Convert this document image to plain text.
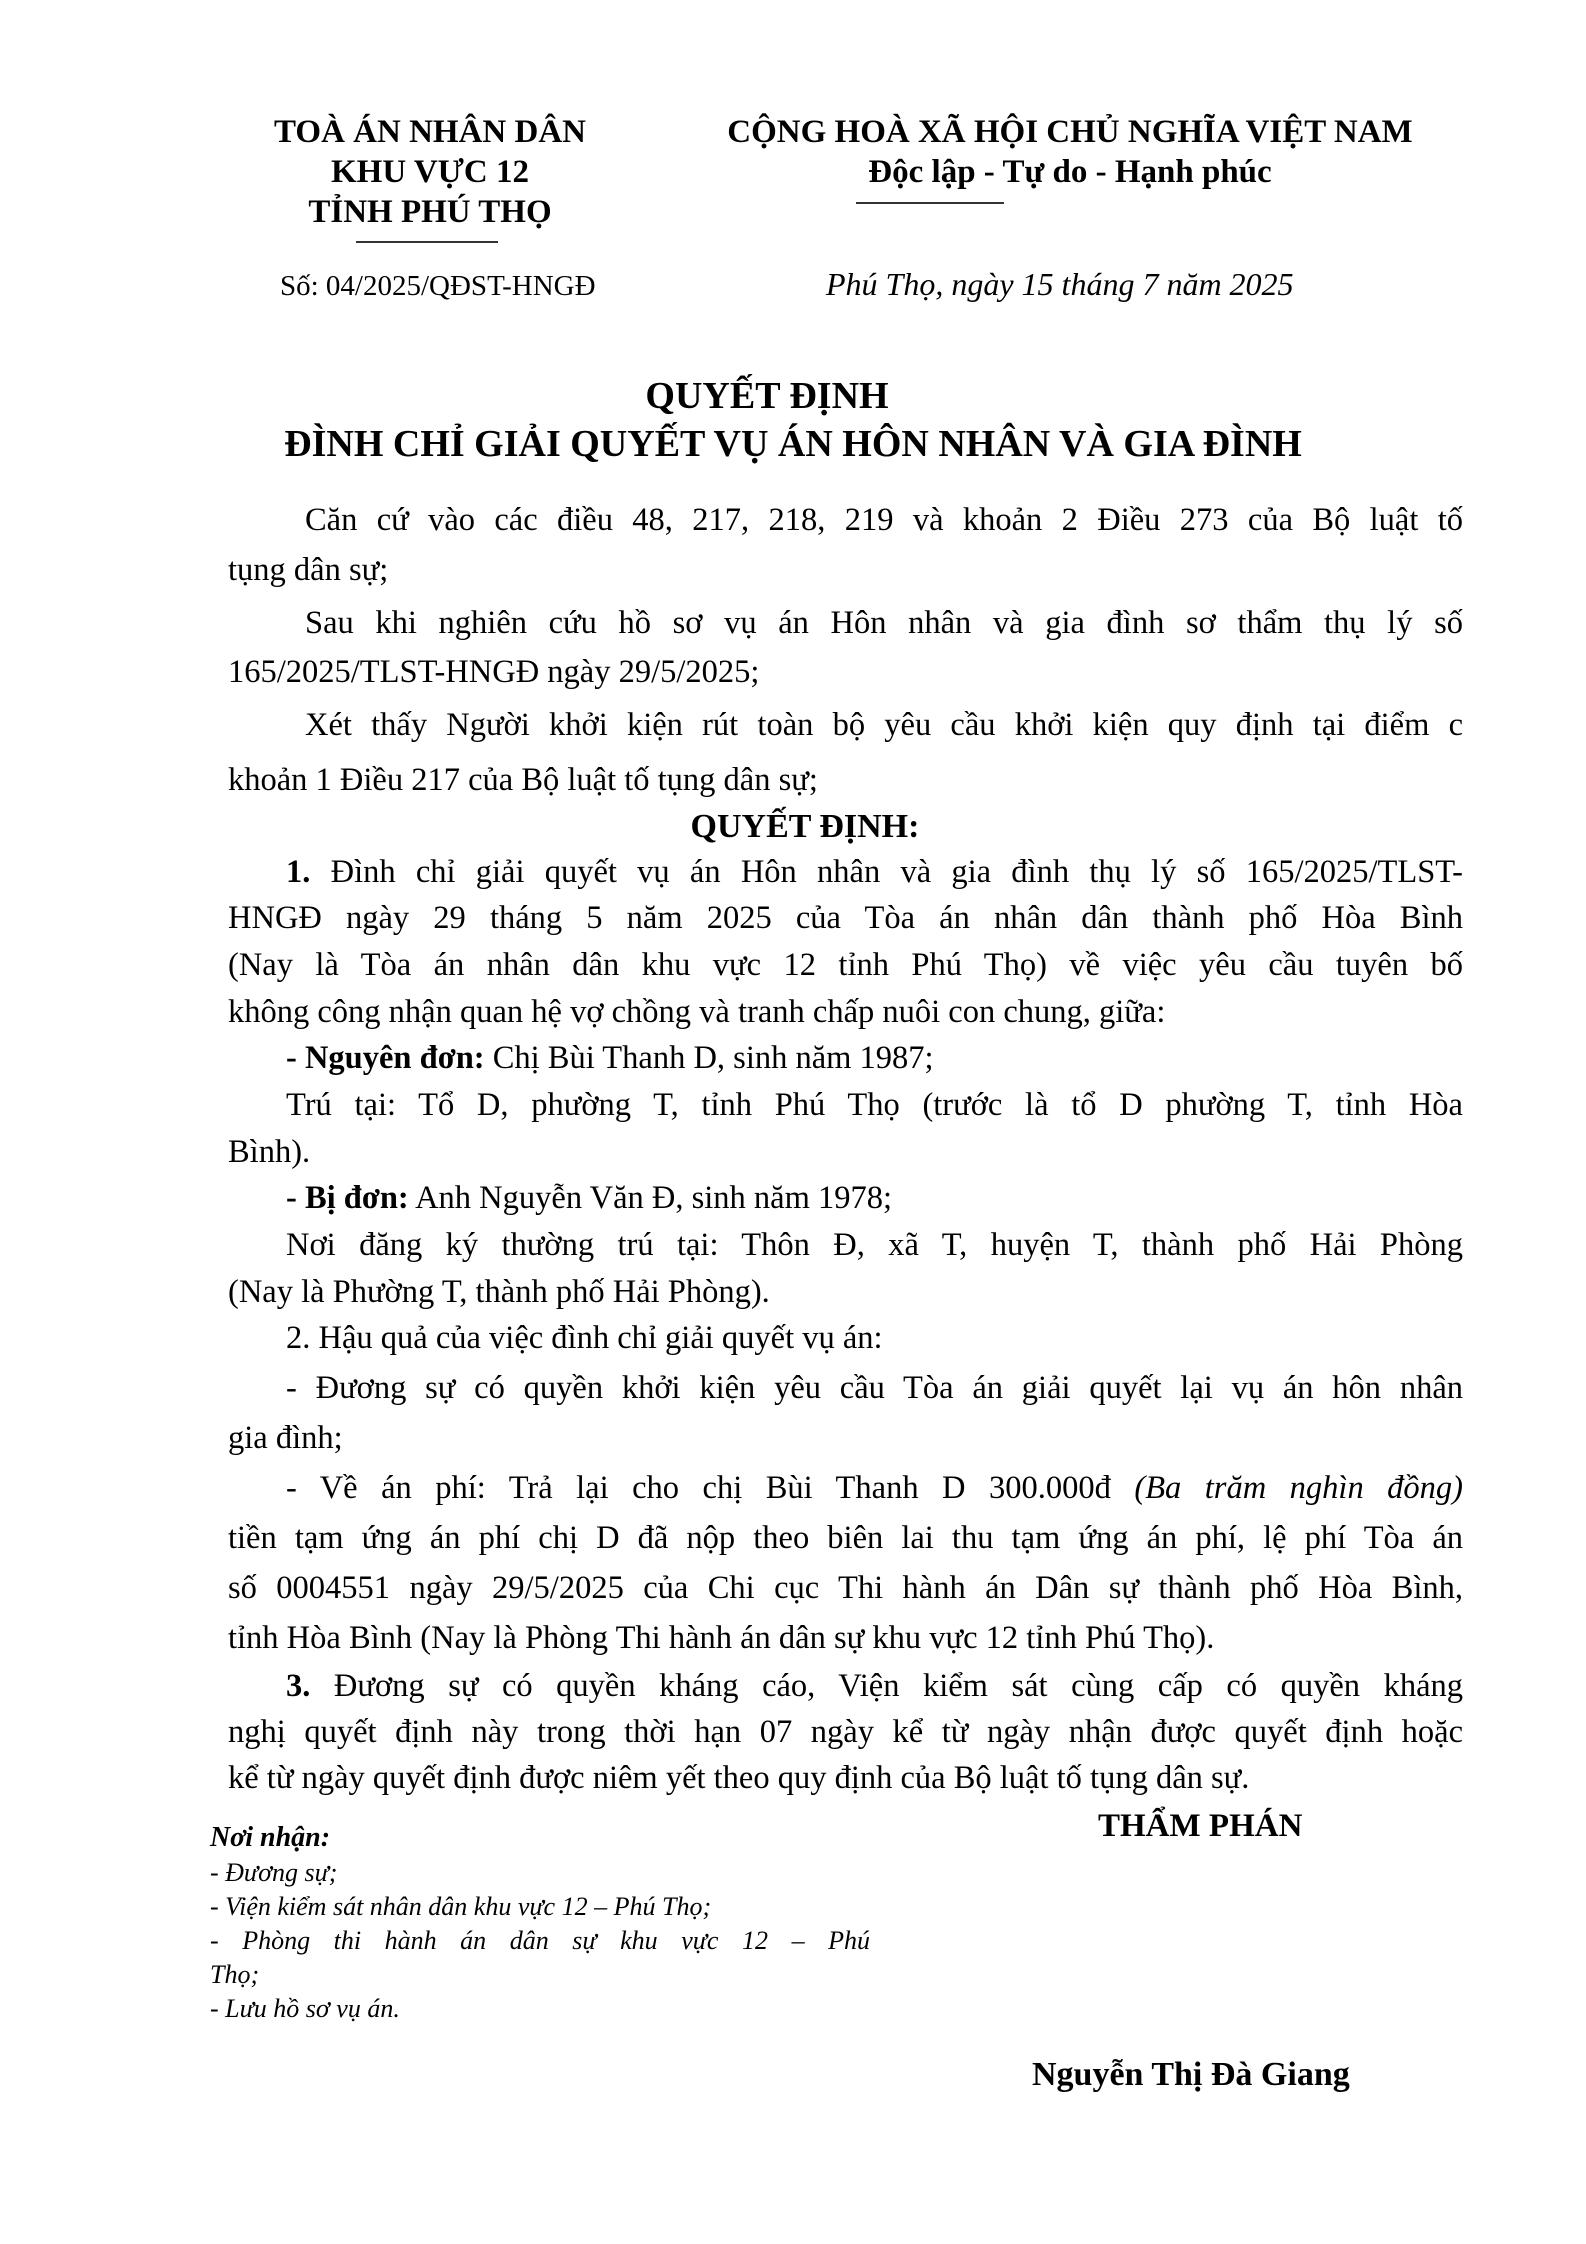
TOÀ ÁN NHÂN DÂN
KHU VỰC 12
TỈNH PHÚ THỌ
Số: 04/2025/QĐST-HNGĐ
CỘNG HOÀ XÃ HỘI CHỦ NGHĨA VIỆT NAM
Độc lập - Tự do - Hạnh phúc
Phú Thọ, ngày 15 tháng 7 năm 2025
QUYẾT ĐỊNH
ĐÌNH CHỈ GIẢI QUYẾT VỤ ÁN HÔN NHÂN VÀ GIA ĐÌNH
Căn cứ vào các điều 48, 217, 218, 219 và khoản 2 Điều 273 của Bộ luật tố
tụng dân sự;
Sau khi nghiên cứu hồ sơ vụ án Hôn nhân và gia đình sơ thẩm thụ lý số
165/2025/TLST-HNGĐ ngày 29/5/2025;
Xét thấy Người khởi kiện rút toàn bộ yêu cầu khởi kiện quy định tại điểm c
khoản 1 Điều 217 của Bộ luật tố tụng dân sự;
QUYẾT ĐỊNH:
1. Đình chỉ giải quyết vụ án Hôn nhân và gia đình thụ lý số 165/2025/TLST-
HNGĐ ngày 29 tháng 5 năm 2025 của Tòa án nhân dân thành phố Hòa Bình
(Nay là Tòa án nhân dân khu vực 12 tỉnh Phú Thọ) về việc yêu cầu tuyên bố
không công nhận quan hệ vợ chồng và tranh chấp nuôi con chung, giữa:
- Nguyên đơn: Chị Bùi Thanh D, sinh năm 1987;
Trú tại: Tổ D, phường T, tỉnh Phú Thọ (trước là tổ D phường T, tỉnh Hòa
Bình).
- Bị đơn: Anh Nguyễn Văn Đ, sinh năm 1978;
Nơi đăng ký thường trú tại: Thôn Đ, xã T, huyện T, thành phố Hải Phòng
(Nay là Phường T, thành phố Hải Phòng).
2. Hậu quả của việc đình chỉ giải quyết vụ án:
- Đương sự có quyền khởi kiện yêu cầu Tòa án giải quyết lại vụ án hôn nhân
gia đình;
- Về án phí: Trả lại cho chị Bùi Thanh D 300.000đ (Ba trăm nghìn đồng)
tiền tạm ứng án phí chị D đã nộp theo biên lai thu tạm ứng án phí, lệ phí Tòa án
số 0004551 ngày 29/5/2025 của Chi cục Thi hành án Dân sự thành phố Hòa Bình,
tỉnh Hòa Bình (Nay là Phòng Thi hành án dân sự khu vực 12 tỉnh Phú Thọ).
3. Đương sự có quyền kháng cáo, Viện kiểm sát cùng cấp có quyền kháng
nghị quyết định này trong thời hạn 07 ngày kể từ ngày nhận được quyết định hoặc
kể từ ngày quyết định được niêm yết theo quy định của Bộ luật tố tụng dân sự.
Nơi nhận:
- Đương sự;
- Viện kiểm sát nhân dân khu vực 12 – Phú Thọ;
- Phòng thi hành án dân sự khu vực 12 – Phú
Thọ;
- Lưu hồ sơ vụ án.
THẨM PHÁN
Nguyễn Thị Đà Giang
